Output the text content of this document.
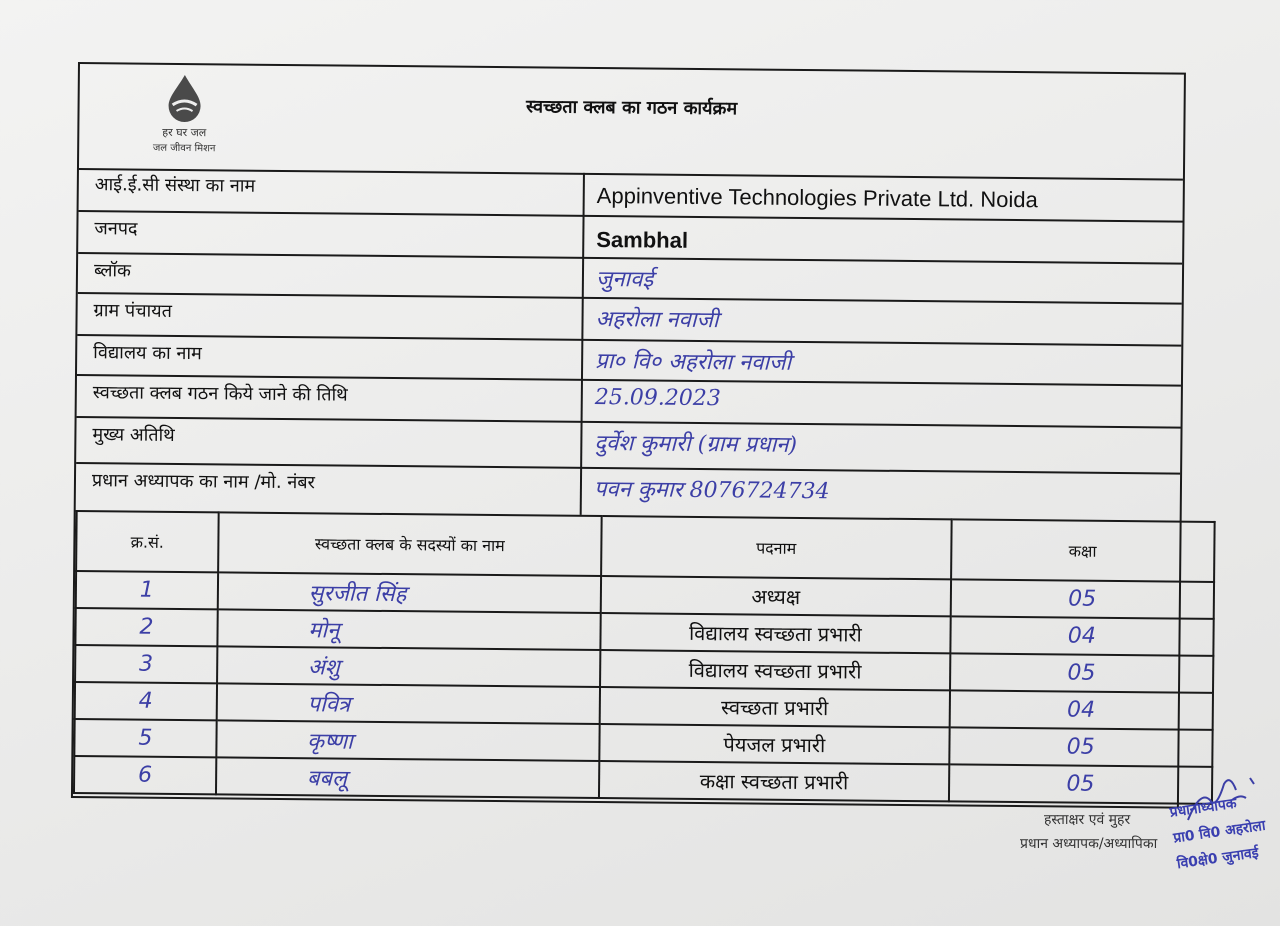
हर घर जल
जल जीवन मिशन
स्वच्छता क्लब का गठन कार्यक्रम
आई.ई.सी संस्था का नाम	Appinventive Technologies Private Ltd. Noida
जनपद	Sambhal
ब्लॉक	जुनावई
ग्राम पंचायत	अहरोला नवाजी
विद्यालय का नाम	प्रा० वि० अहरोला नवाजी
स्वच्छता क्लब गठन किये जाने की तिथि	25.09.2023
मुख्य अतिथि	दुर्वेश कुमारी (ग्राम प्रधान)
प्रधान अध्यापक का नाम /मो. नंबर	पवन कुमार 8076724734
क्र.सं.	स्वच्छता क्लब के सदस्यों का नाम	पदनाम	कक्षा
1	सुरजीत सिंह	अध्यक्ष	05
2	मोनू	विद्यालय स्वच्छता प्रभारी	04
3	अंशु	विद्यालय स्वच्छता प्रभारी	05
4	पवित्र	स्वच्छता प्रभारी	04
5	कृष्णा	पेयजल प्रभारी	05
6	बबलू	कक्षा स्वच्छता प्रभारी	05
हस्ताक्षर एवं मुहर
प्रधान अध्यापक/अध्यापिका
प्रधानाध्यापक
प्रा0 वि0 अहरोला
वि0क्षे0 जुनावई
